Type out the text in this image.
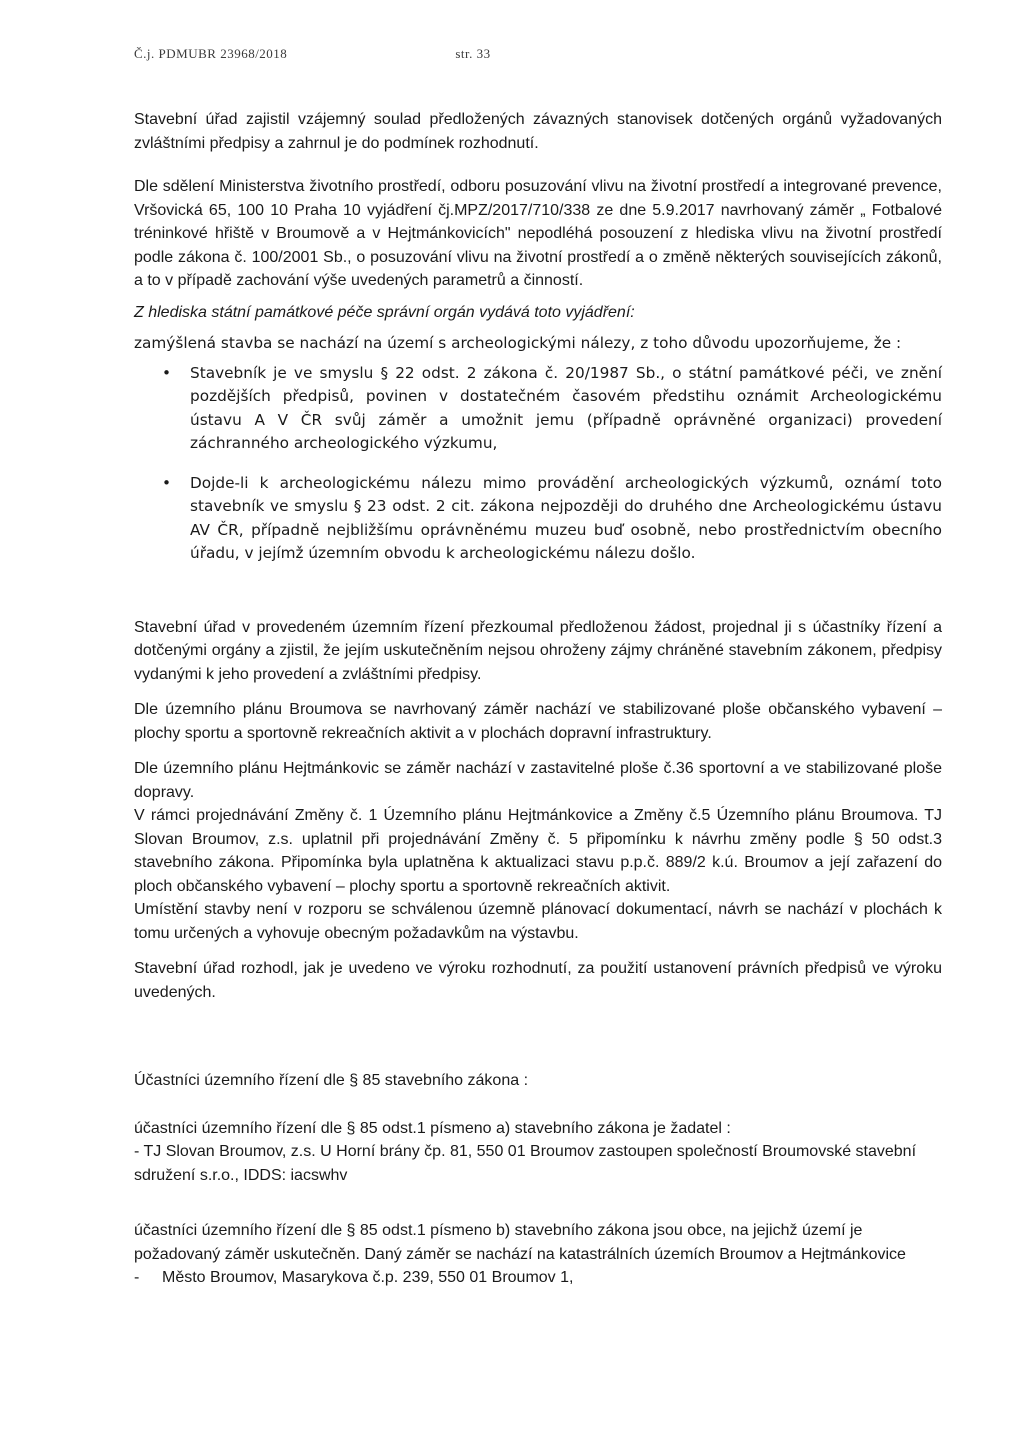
Č.j. PDMUBR 23968/2018	str. 33

Stavební úřad zajistil vzájemný soulad předložených závazných stanovisek dotčených orgánů vyžadovaných zvláštními předpisy a zahrnul je do podmínek rozhodnutí.

Dle sdělení Ministerstva životního prostředí, odboru posuzování vlivu na životní prostředí a integrované prevence, Vršovická 65, 100 10 Praha 10 vyjádření čj.MPZ/2017/710/338 ze dne 5.9.2017 navrhovaný záměr „ Fotbalové tréninkové hřiště v Broumově a v Hejtmánkovicích" nepodléhá posouzení z hlediska vlivu na životní prostředí podle zákona č. 100/2001 Sb., o posuzování vlivu na životní prostředí a o změně některých souvisejících zákonů, a to v případě zachování výše uvedených parametrů a činností.

Z hlediska státní památkové péče správní orgán vydává toto vyjádření:

zamýšlená stavba se nachází na území s archeologickými nálezy, z toho důvodu upozorňujeme, že :

• Stavebník je ve smyslu § 22 odst. 2 zákona č. 20/1987 Sb., o státní památkové péči, ve znění pozdějších předpisů, povinen v dostatečném časovém předstihu oznámit Archeologickému ústavu A V ČR svůj záměr a umožnit jemu (případně oprávněné organizaci) provedení záchranného archeologického výzkumu,
• Dojde-li k archeologickému nálezu mimo provádění archeologických výzkumů, oznámí toto stavebník ve smyslu § 23 odst. 2 cit. zákona nejpozději do druhého dne Archeologickému ústavu AV ČR, případně nejbližšímu oprávněnému muzeu buď osobně, nebo prostřednictvím obecního úřadu, v jejímž územním obvodu k archeologickému nálezu došlo.

Stavební úřad v provedeném územním řízení přezkoumal předloženou žádost, projednal ji s účastníky řízení a dotčenými orgány a zjistil, že jejím uskutečněním nejsou ohroženy zájmy chráněné stavebním zákonem, předpisy vydanými k jeho provedení a zvláštními předpisy.

Dle územního plánu Broumova se navrhovaný záměr nachází ve stabilizované ploše občanského vybavení – plochy sportu a sportovně rekreačních aktivit a v plochách dopravní infrastruktury.

Dle územního plánu Hejtmánkovic se záměr nachází v zastavitelné ploše č.36 sportovní a ve stabilizované ploše dopravy.

V rámci projednávání Změny č. 1 Územního plánu Hejtmánkovice a Změny č.5 Územního plánu Broumova. TJ Slovan Broumov, z.s. uplatnil při projednávání Změny č. 5 připomínku k návrhu změny podle § 50 odst.3 stavebního zákona. Připomínka byla uplatněna k aktualizaci stavu p.p.č. 889/2 k.ú. Broumov a její zařazení do ploch občanského vybavení – plochy sportu a sportovně rekreačních aktivit.

Umístění stavby není v rozporu se schválenou územně plánovací dokumentací, návrh se nachází v plochách k tomu určených a vyhovuje obecným požadavkům na výstavbu.

Stavební úřad rozhodl, jak je uvedeno ve výroku rozhodnutí, za použití ustanovení právních předpisů ve výroku uvedených.

Účastníci územního řízení dle § 85 stavebního zákona :

účastníci územního řízení dle § 85 odst.1 písmeno a) stavebního zákona je žadatel :

- TJ Slovan Broumov, z.s. U Horní brány čp. 81, 550 01 Broumov zastoupen společností Broumovské stavební sdružení s.r.o., IDDS: iacswhv

účastníci územního řízení dle § 85 odst.1 písmeno b) stavebního zákona jsou obce, na jejichž území je požadovaný záměr uskutečněn. Daný záměr se nachází na katastrálních územích Broumov a Hejtmánkovice

- Město Broumov, Masarykova č.p. 239, 550 01 Broumov 1,
